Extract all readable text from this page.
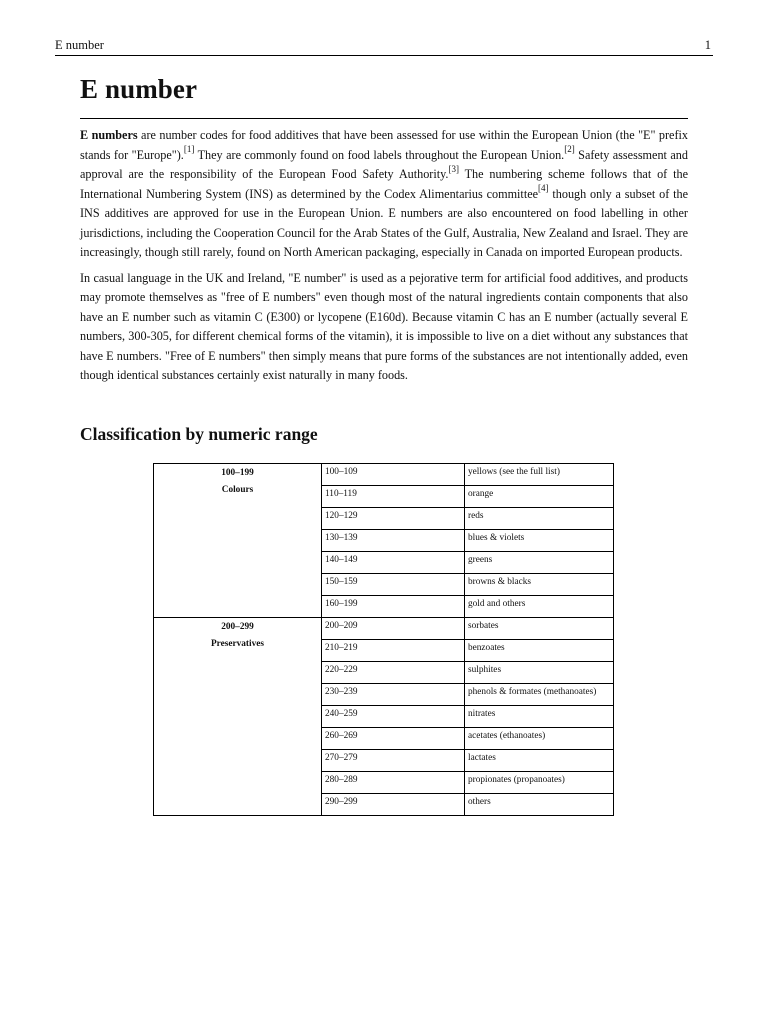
E number	1
E number

E numbers are number codes for food additives that have been assessed for use within the European Union (the "E" prefix stands for "Europe").[1] They are commonly found on food labels throughout the European Union.[2] Safety assessment and approval are the responsibility of the European Food Safety Authority.[3] The numbering scheme follows that of the International Numbering System (INS) as determined by the Codex Alimentarius committee[4] though only a subset of the INS additives are approved for use in the European Union. E numbers are also encountered on food labelling in other jurisdictions, including the Cooperation Council for the Arab States of the Gulf, Australia, New Zealand and Israel. They are increasingly, though still rarely, found on North American packaging, especially in Canada on imported European products.

In casual language in the UK and Ireland, "E number" is used as a pejorative term for artificial food additives, and products may promote themselves as "free of E numbers" even though most of the natural ingredients contain components that also have an E number such as vitamin C (E300) or lycopene (E160d). Because vitamin C has an E number (actually several E numbers, 300-305, for different chemical forms of the vitamin), it is impossible to live on a diet without any substances that have E numbers. "Free of E numbers" then simply means that pure forms of the substances are not intentionally added, even though identical substances certainly exist naturally in many foods.

Classification by numeric range
100–199
Colours	100–109	yellows (see the full list)
	110–119	orange
	120–129	reds
	130–139	blues & violets
	140–149	greens
	150–159	browns & blacks
	160–199	gold and others

200–299
Preservatives	200–209	sorbates
	210–219	benzoates
	220–229	sulphites
	230–239	phenols & formates (methanoates)
	240–259	nitrates
	260–269	acetates (ethanoates)
	270–279	lactates
	280–289	propionates (propanoates)
	290–299	others
